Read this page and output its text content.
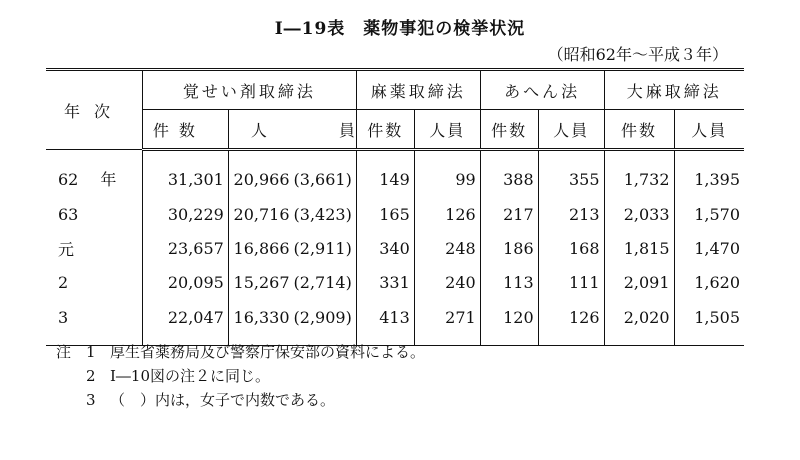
Ⅰ―19表　薬物事犯の検挙状況
（昭和62年～平成３年）
年次	覚せい剤取締法		麻薬取締法		あへん法		大麻取締法	
	件数	人員	件数	人員	件数	人員	件数	人員
62 年	31,301	20,966 (3,661)	149	99	388	355	1,732	1,395
63	30,229	20,716 (3,423)	165	126	217	213	2,033	1,570
元	23,657	16,866 (2,911)	340	248	186	168	1,815	1,470
2	20,095	15,267 (2,714)	331	240	113	111	2,091	1,620
3	22,047	16,330 (2,909)	413	271	120	126	2,020	1,505
注 1 厚生省薬務局及び警察庁保安部の資料による。
2 Ⅰ―10図の注２に同じ。
3 （　）内は，女子で内数である。
